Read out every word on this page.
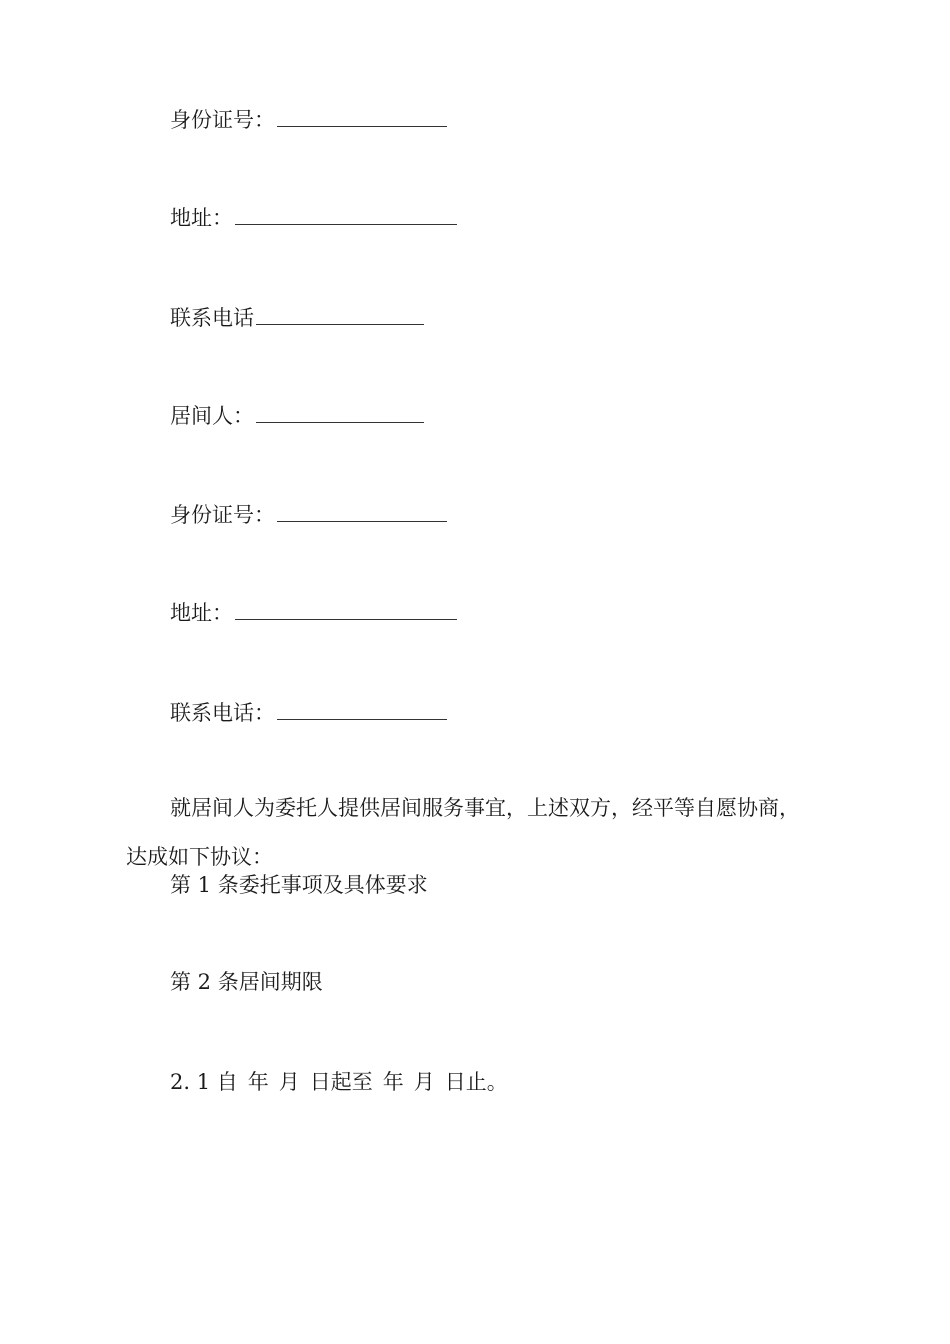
身份证号：
地址：
联系电话
居间人：
身份证号：
地址：
联系电话：
就居间人为委托人提供居间服务事宜，上述双方，经平等自愿协商，
达成如下协议：
第 1 条委托事项及具体要求
第 2 条居间期限
2. 1 自 年 月 日起至 年 月 日止。
